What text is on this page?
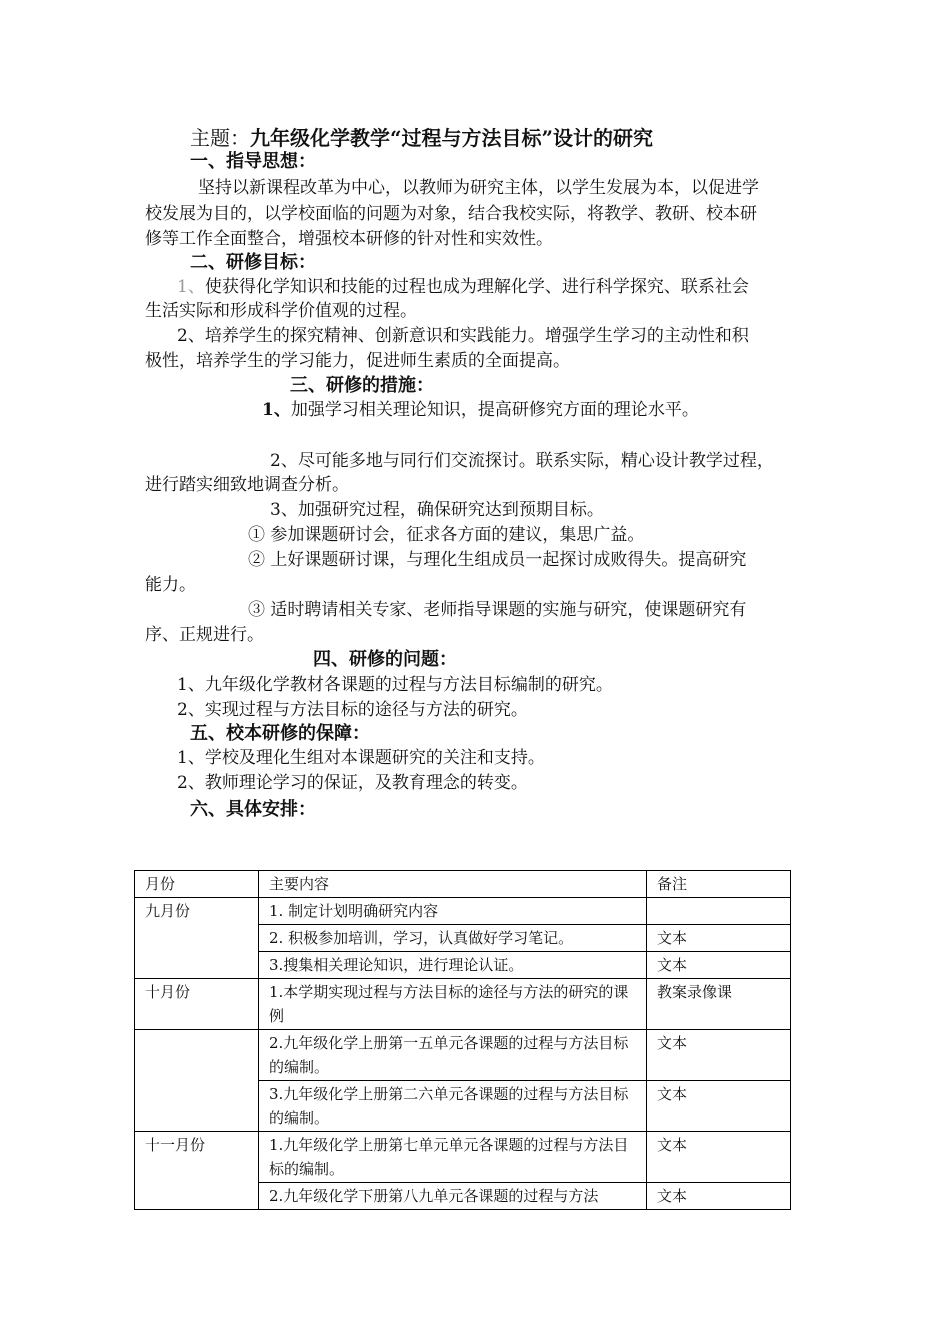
主题：九年级化学教学“过程与方法目标”设计的研究
一、指导思想：
坚持以新课程改革为中心，以教师为研究主体，以学生发展为本，以促进学
校发展为目的，以学校面临的问题为对象，结合我校实际，将教学、教研、校本研
修等工作全面整合，增强校本研修的针对性和实效性。
二、研修目标：
1、使获得化学知识和技能的过程也成为理解化学、进行科学探究、联系社会
生活实际和形成科学价值观的过程。
2、培养学生的探究精神、创新意识和实践能力。增强学生学习的主动性和积
极性，培养学生的学习能力，促进师生素质的全面提高。
三、研修的措施：
1、加强学习相关理论知识，提高研修究方面的理论水平。
2、尽可能多地与同行们交流探讨。联系实际，精心设计教学过程，
进行踏实细致地调查分析。
3、加强研究过程，确保研究达到预期目标。
① 参加课题研讨会，征求各方面的建议，集思广益。
② 上好课题研讨课，与理化生组成员一起探讨成败得失。提高研究
能力。
③ 适时聘请相关专家、老师指导课题的实施与研究，使课题研究有
序、正规进行。
四、研修的问题：
1、九年级化学教材各课题的过程与方法目标编制的研究。
2、实现过程与方法目标的途径与方法的研究。
五、校本研修的保障：
1、学校及理化生组对本课题研究的关注和支持。
2、教师理论学习的保证，及教育理念的转变。
六、具体安排：
月份	主要内容	备注
九月份	1. 制定计划明确研究内容	
	2. 积极参加培训，学习，认真做好学习笔记。	文本
	3.搜集相关理论知识，进行理论认证。	文本
十月份	1.本学期实现过程与方法目标的途径与方法的研究的课例	教案录像课
	2.九年级化学上册第一五单元各课题的过程与方法目标的编制。	文本
	3.九年级化学上册第二六单元各课题的过程与方法目标的编制。	文本
十一月份	1.九年级化学上册第七单元单元各课题的过程与方法目标的编制。	文本
	2.九年级化学下册第八九单元各课题的过程与方法	文本
